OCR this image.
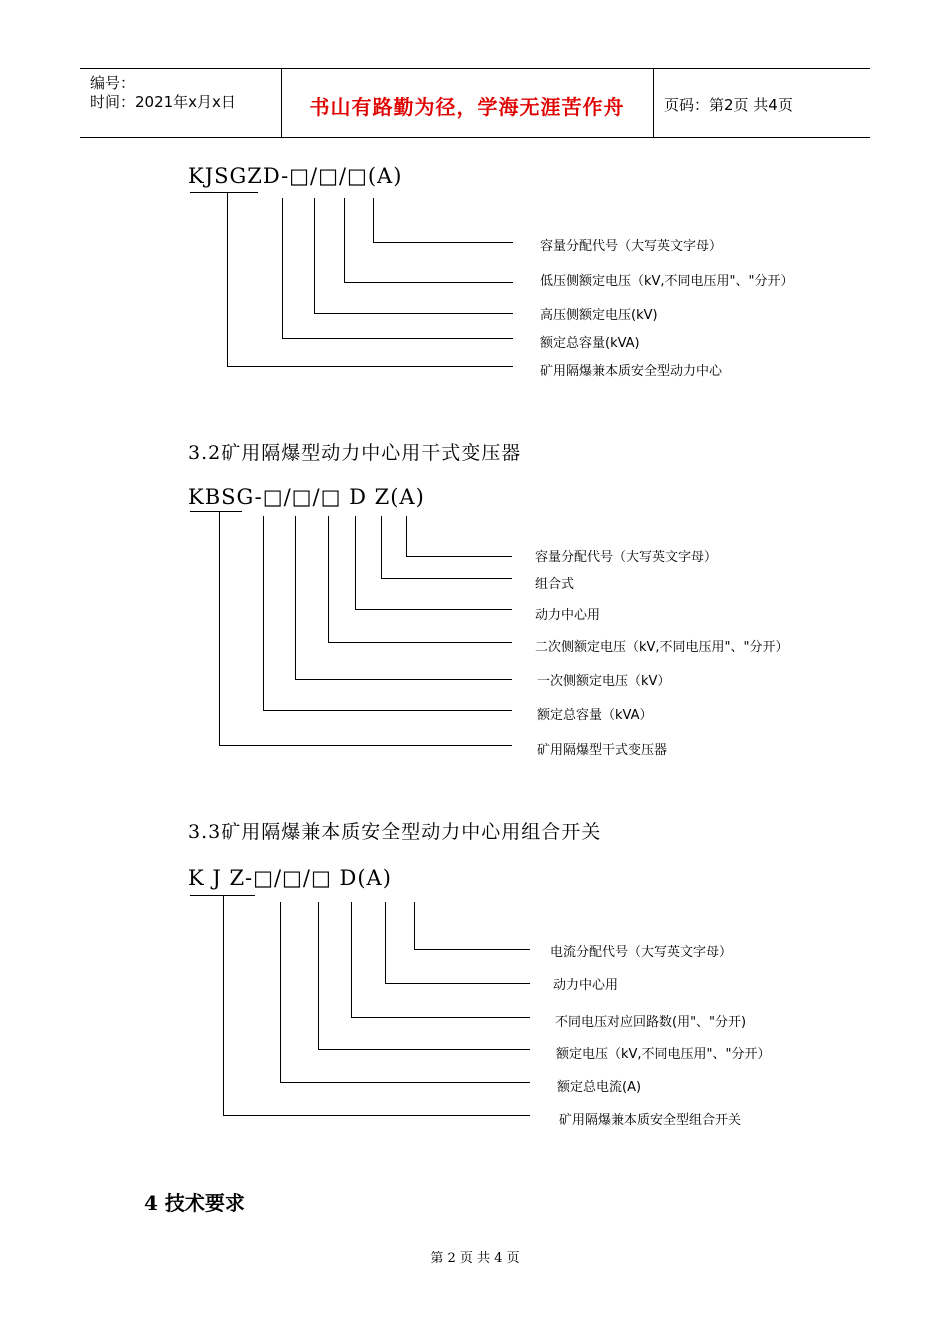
编号：
时间：2021年x月x日	书山有路勤为径，学海无涯苦作舟	页码：第2页 共4页
KJSGZD-□/□/□(A)
容量分配代号（大写英文字母）
低压侧额定电压（kV,不同电压用"、"分开）
高压侧额定电压(kV)
额定总容量(kVA)
矿用隔爆兼本质安全型动力中心
3.2矿用隔爆型动力中心用干式变压器
KBSG-□/□/□ D Z(A)
容量分配代号（大写英文字母）
组合式
动力中心用
二次侧额定电压（kV,不同电压用"、"分开）
一次侧额定电压（kV）
额定总容量（kVA）
矿用隔爆型干式变压器
3.3矿用隔爆兼本质安全型动力中心用组合开关
K J Z-□/□/□ D(A)
电流分配代号（大写英文字母）
动力中心用
不同电压对应回路数(用"、"分开)
额定电压（kV,不同电压用"、"分开）
额定总电流(A)
矿用隔爆兼本质安全型组合开关
4 技术要求
第 2 页 共 4 页
